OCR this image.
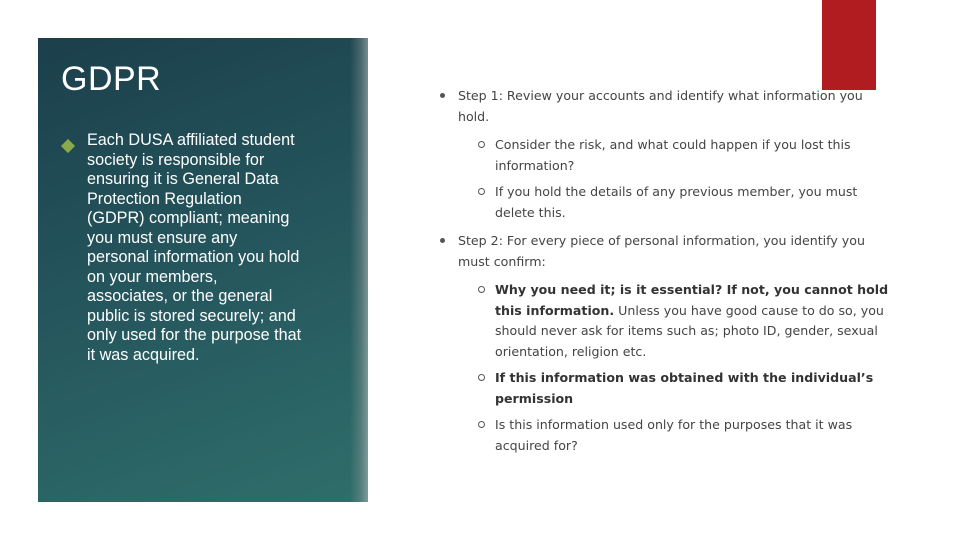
GDPR
Each DUSA affiliated student society is responsible for ensuring it is General Data Protection Regulation (GDPR) compliant; meaning you must ensure any personal information you hold on your members, associates, or the general public is stored securely; and only used for the purpose that it was acquired.
Step 1: Review your accounts and identify what information you hold.
Consider the risk, and what could happen if you lost this information?
If you hold the details of any previous member, you must delete this.
Step 2: For every piece of personal information, you identify you must confirm:
Why you need it; is it essential? If not, you cannot hold this information. Unless you have good cause to do so, you should never ask for items such as; photo ID, gender, sexual orientation, religion etc.
If this information was obtained with the individual’s permission
Is this information used only for the purposes that it was acquired for?
